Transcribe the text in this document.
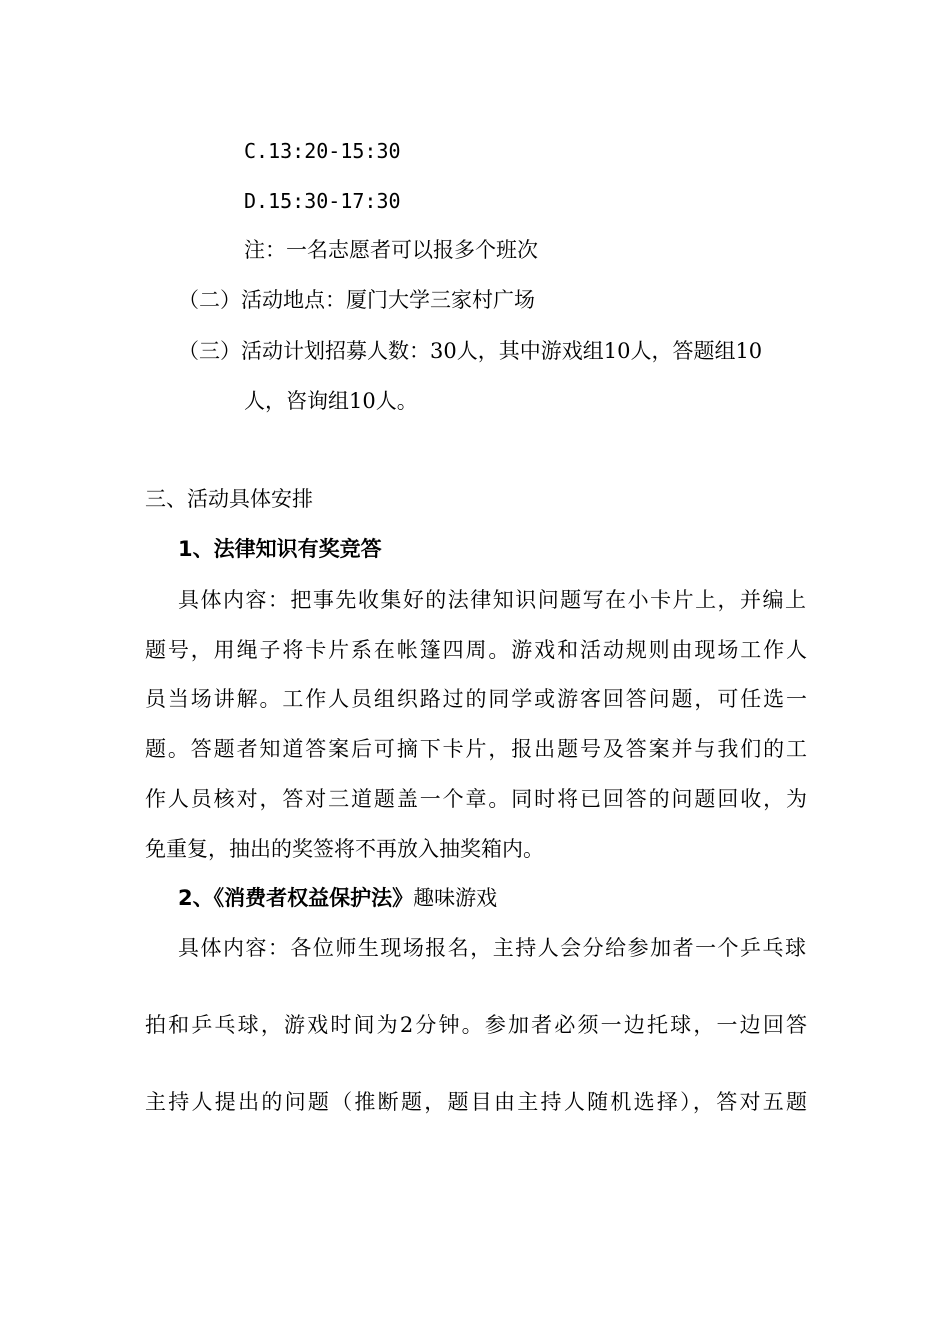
C.13:20-15:30
D.15:30-17:30
注：一名志愿者可以报多个班次
（二）活动地点：厦门大学三家村广场
（三）活动计划招募人数：30人，其中游戏组10人，答题组10
人，咨询组10人。
三、活动具体安排
1、法律知识有奖竞答
具体内容：把事先收集好的法律知识问题写在小卡片上，并编上
题号，用绳子将卡片系在帐篷四周。游戏和活动规则由现场工作人
员当场讲解。工作人员组织路过的同学或游客回答问题，可任选一
题。答题者知道答案后可摘下卡片，报出题号及答案并与我们的工
作人员核对，答对三道题盖一个章。同时将已回答的问题回收，为
免重复，抽出的奖签将不再放入抽奖箱内。
2、《消费者权益保护法》趣味游戏
具体内容：各位师生现场报名，主持人会分给参加者一个乒乓球
拍和乒乓球，游戏时间为2分钟。参加者必须一边托球，一边回答
主持人提出的问题（推断题，题目由主持人随机选择），答对五题
